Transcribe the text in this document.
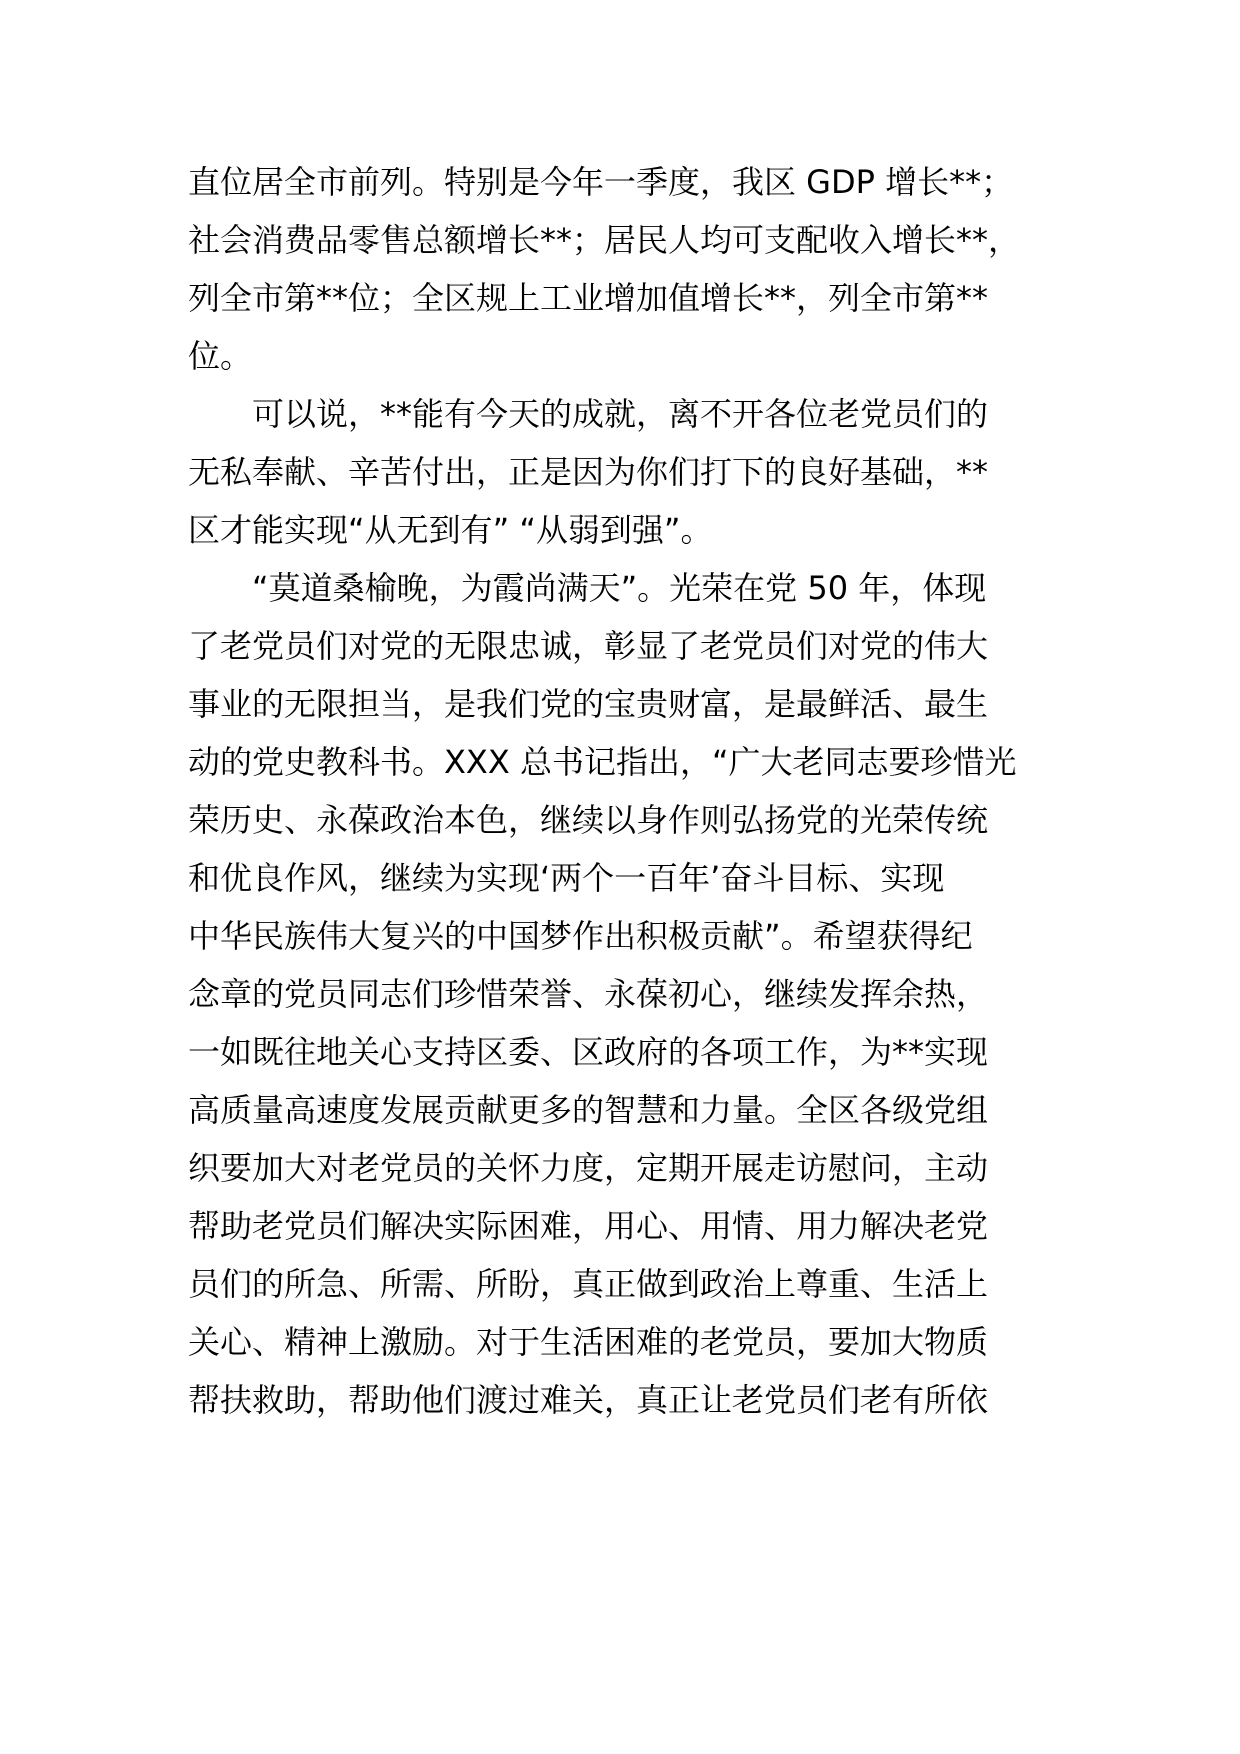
直位居全市前列。特别是今年一季度，我区 GDP 增长**；
社会消费品零售总额增长**；居民人均可支配收入增长**，
列全市第**位；全区规上工业增加值增长**，列全市第**
位。
可以说，**能有今天的成就，离不开各位老党员们的
无私奉献、辛苦付出，正是因为你们打下的良好基础，**
区才能实现“从无到有” “从弱到强”。
“莫道桑榆晚，为霞尚满天”。光荣在党 50 年，体现
了老党员们对党的无限忠诚，彰显了老党员们对党的伟大
事业的无限担当，是我们党的宝贵财富，是最鲜活、最生
动的党史教科书。XXX 总书记指出，“广大老同志要珍惜光
荣历史、永葆政治本色，继续以身作则弘扬党的光荣传统
和优良作风，继续为实现‘两个一百年’奋斗目标、实现
中华民族伟大复兴的中国梦作出积极贡献”。希望获得纪
念章的党员同志们珍惜荣誉、永葆初心，继续发挥余热，
一如既往地关心支持区委、区政府的各项工作，为**实现
高质量高速度发展贡献更多的智慧和力量。全区各级党组
织要加大对老党员的关怀力度，定期开展走访慰问，主动
帮助老党员们解决实际困难，用心、用情、用力解决老党
员们的所急、所需、所盼，真正做到政治上尊重、生活上
关心、精神上激励。对于生活困难的老党员，要加大物质
帮扶救助，帮助他们渡过难关，真正让老党员们老有所依
